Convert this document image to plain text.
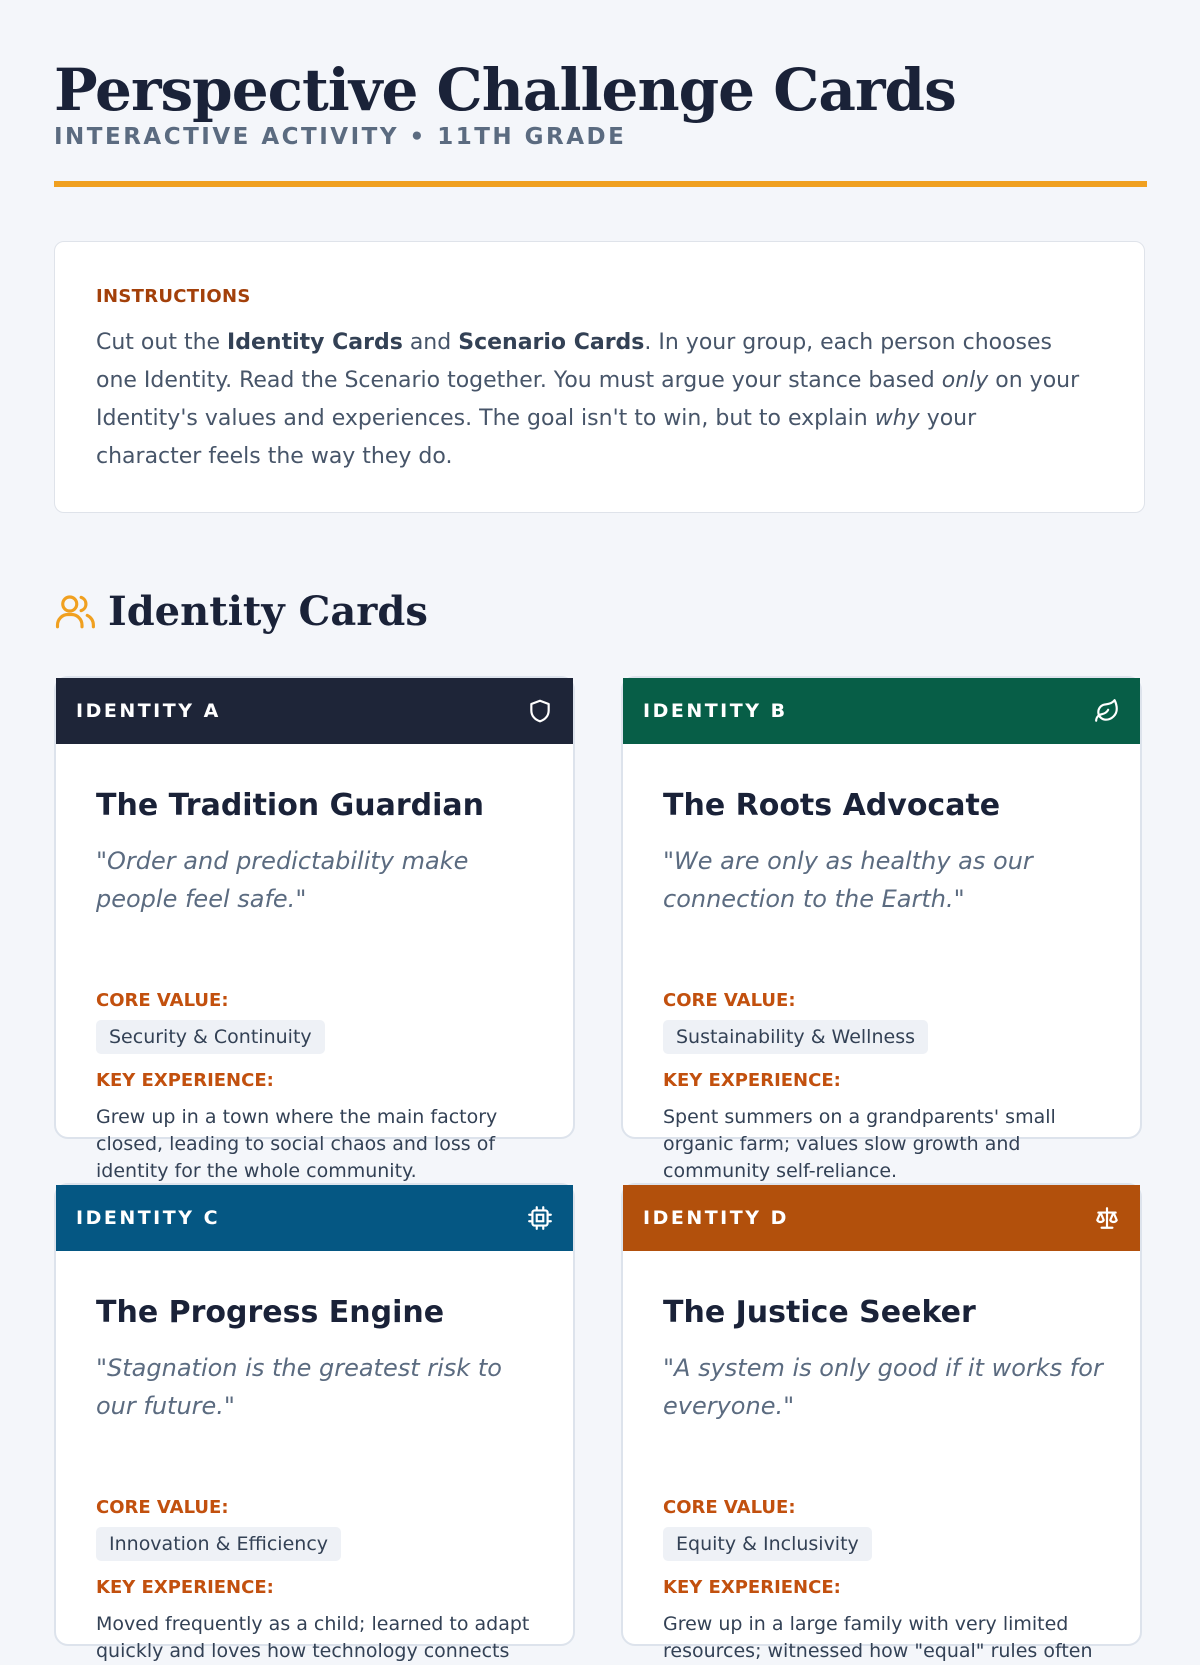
Perspective Challenge Cards
INTERACTIVE ACTIVITY • 11TH GRADE
INSTRUCTIONS
Cut out the Identity Cards and Scenario Cards. In your group, each person chooses one Identity. Read the Scenario together. You must argue your stance based only on your Identity's values and experiences. The goal isn't to win, but to explain why your character feels the way they do.
Identity Cards
IDENTITY A
The Tradition Guardian
"Order and predictability make people feel safe."
CORE VALUE:
Security & Continuity
KEY EXPERIENCE:
Grew up in a town where the main factory closed, leading to social chaos and loss of identity for the whole community.
IDENTITY B
The Roots Advocate
"We are only as healthy as our connection to the Earth."
CORE VALUE:
Sustainability & Wellness
KEY EXPERIENCE:
Spent summers on a grandparents' small organic farm; values slow growth and community self-reliance.
IDENTITY C
The Progress Engine
"Stagnation is the greatest risk to our future."
CORE VALUE:
Innovation & Efficiency
KEY EXPERIENCE:
Moved frequently as a child; learned to adapt quickly and loves how technology connects
IDENTITY D
The Justice Seeker
"A system is only good if it works for everyone."
CORE VALUE:
Equity & Inclusivity
KEY EXPERIENCE:
Grew up in a large family with very limited resources; witnessed how "equal" rules often
